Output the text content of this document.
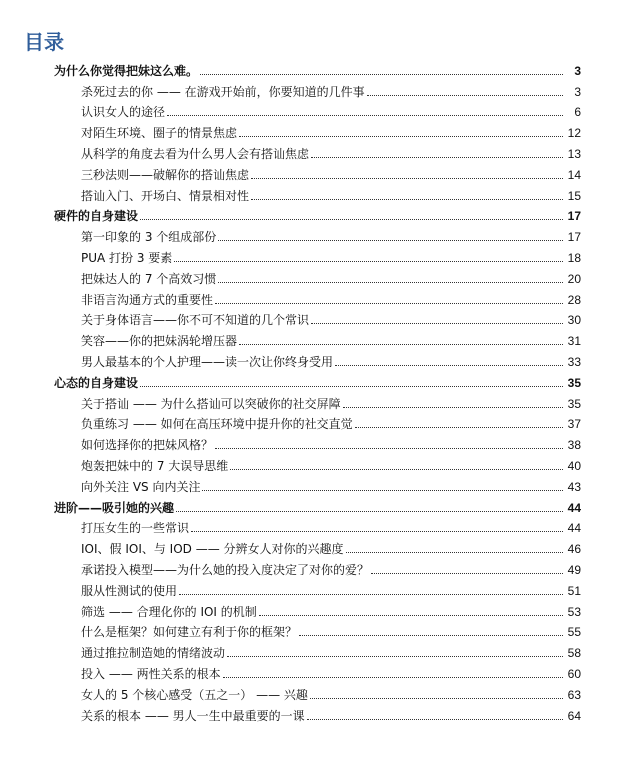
目录
为什么你觉得把妹这么难。	3
杀死过去的你 —— 在游戏开始前，你要知道的几件事	3
认识女人的途径	6
对陌生环境、圈子的情景焦虑	12
从科学的角度去看为什么男人会有搭讪焦虑	13
三秒法则——破解你的搭讪焦虑	14
搭讪入门、开场白、情景相对性	15
硬件的自身建设	17
第一印象的 3 个组成部份	17
PUA 打扮 3 要素	18
把妹达人的 7 个高效习惯	20
非语言沟通方式的重要性	28
关于身体语言——你不可不知道的几个常识	30
笑容——你的把妹涡轮增压器	31
男人最基本的个人护理——读一次让你终身受用	33
心态的自身建设	35
关于搭讪 —— 为什么搭讪可以突破你的社交屏障	35
负重练习 —— 如何在高压环境中提升你的社交直觉	37
如何选择你的把妹风格？	38
炮轰把妹中的 7 大误导思维	40
向外关注 VS 向内关注	43
进阶——吸引她的兴趣	44
打压女生的一些常识	44
IOI、假 IOI、与 IOD —— 分辨女人对你的兴趣度	46
承诺投入模型——为什么她的投入度决定了对你的爱？	49
服从性测试的使用	51
筛选 —— 合理化你的 IOI 的机制	53
什么是框架？如何建立有利于你的框架？	55
通过推拉制造她的情绪波动	58
投入 —— 两性关系的根本	60
女人的 5 个核心感受（五之一） —— 兴趣	63
关系的根本 —— 男人一生中最重要的一课	64
